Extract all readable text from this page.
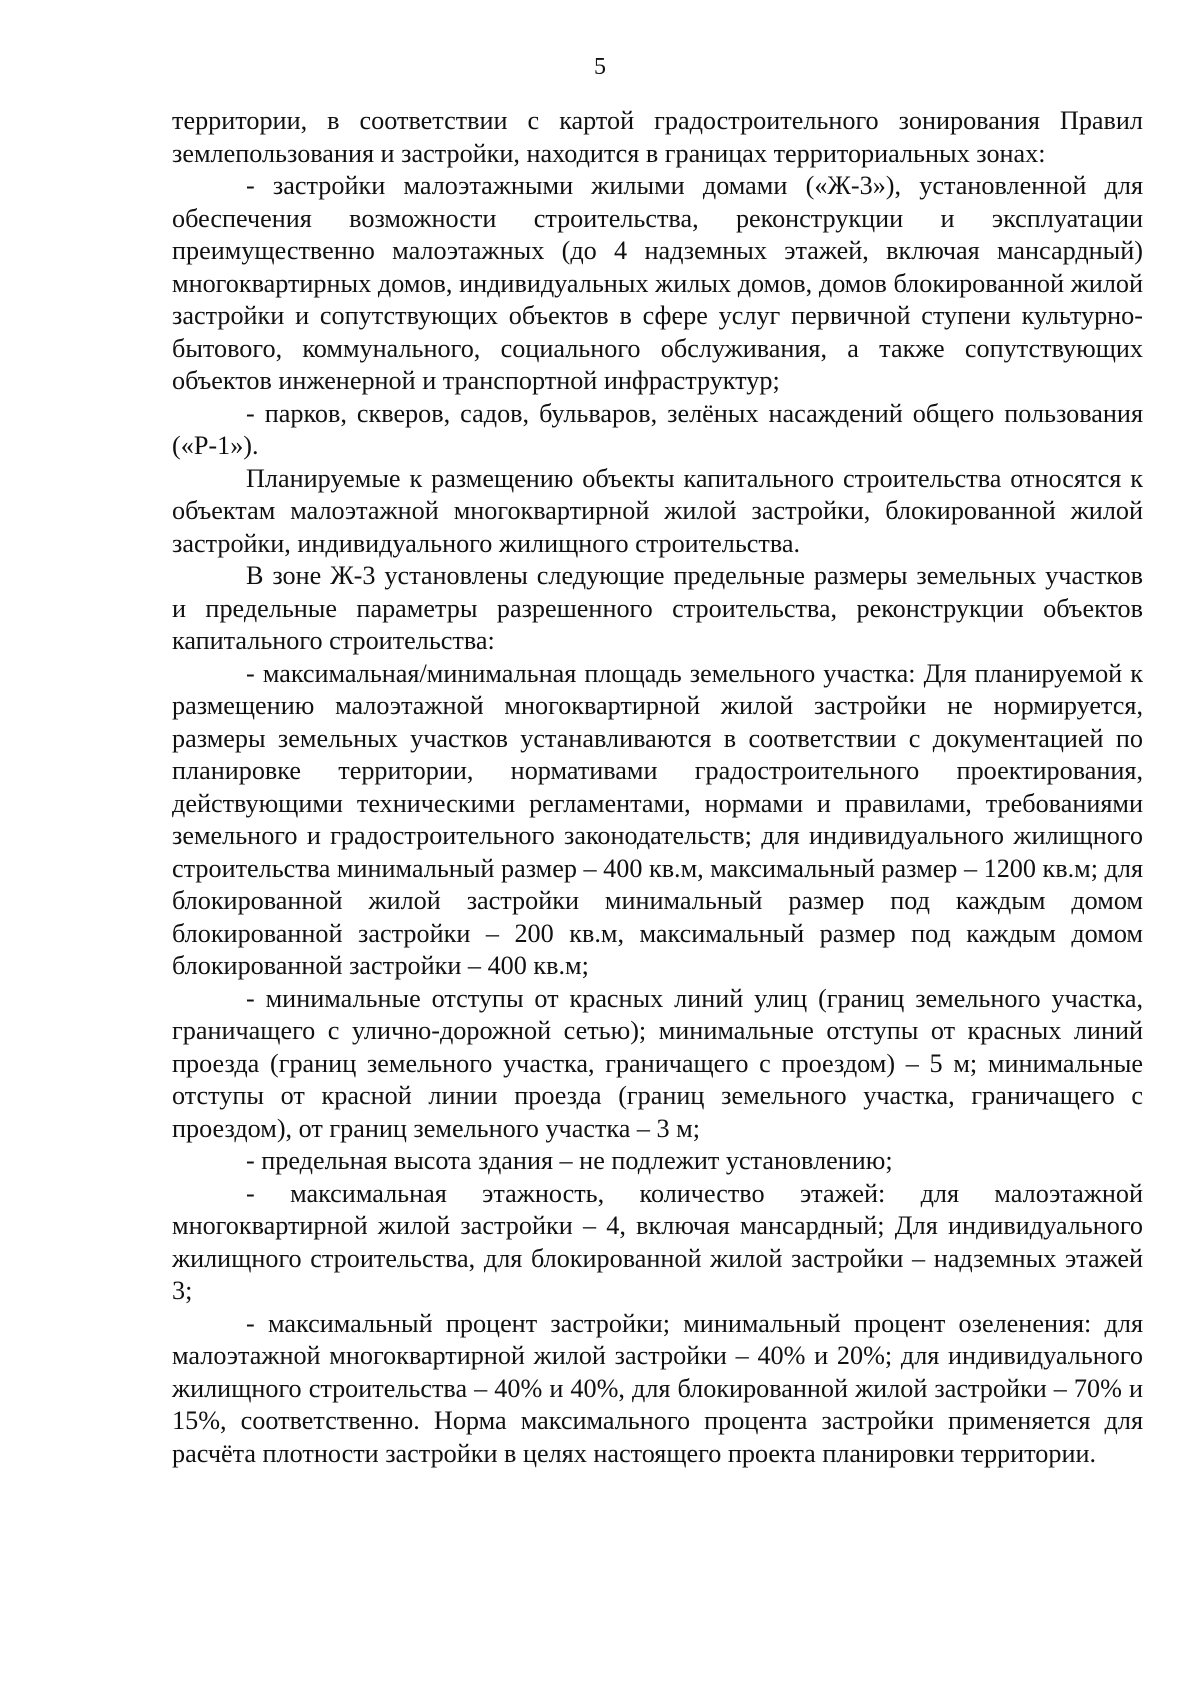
5

территории, в соответствии с картой градостроительного зонирования Правил землепользования и застройки, находится в границах территориальных зонах:

- застройки малоэтажными жилыми домами («Ж-3»), установленной для обеспечения возможности строительства, реконструкции и эксплуатации преимущественно малоэтажных (до 4 надземных этажей, включая мансардный) многоквартирных домов, индивидуальных жилых домов, домов блокированной жилой застройки и сопутствующих объектов в сфере услуг первичной ступени культурно-бытового, коммунального, социального обслуживания, а также сопутствующих объектов инженерной и транспортной инфраструктур;

- парков, скверов, садов, бульваров, зелёных насаждений общего пользования («Р-1»).

Планируемые к размещению объекты капитального строительства относятся к объектам малоэтажной многоквартирной жилой застройки, блокированной жилой застройки, индивидуального жилищного строительства.

В зоне Ж-3 установлены следующие предельные размеры земельных участков и предельные параметры разрешенного строительства, реконструкции объектов капитального строительства:

- максимальная/минимальная площадь земельного участка: Для планируемой к размещению малоэтажной многоквартирной жилой застройки не нормируется, размеры земельных участков устанавливаются в соответствии с документацией по планировке территории, нормативами градостроительного проектирования, действующими техническими регламентами, нормами и правилами, требованиями земельного и градостроительного законодательств; для индивидуального жилищного строительства минимальный размер – 400 кв.м, максимальный размер – 1200 кв.м; для блокированной жилой застройки минимальный размер под каждым домом блокированной застройки – 200 кв.м, максимальный размер под каждым домом блокированной застройки – 400 кв.м;

- минимальные отступы от красных линий улиц (границ земельного участка, граничащего с улично-дорожной сетью); минимальные отступы от красных линий проезда (границ земельного участка, граничащего с проездом) – 5 м; минимальные отступы от красной линии проезда (границ земельного участка, граничащего с проездом), от границ земельного участка – 3 м;

- предельная высота здания – не подлежит установлению;

- максимальная этажность, количество этажей: для малоэтажной многоквартирной жилой застройки – 4, включая мансардный; Для индивидуального жилищного строительства, для блокированной жилой застройки – надземных этажей 3;

- максимальный процент застройки; минимальный процент озеленения: для малоэтажной многоквартирной жилой застройки – 40% и 20%; для индивидуального жилищного строительства – 40% и 40%, для блокированной жилой застройки – 70% и 15%, соответственно. Норма максимального процента застройки применяется для расчёта плотности застройки в целях настоящего проекта планировки территории.
